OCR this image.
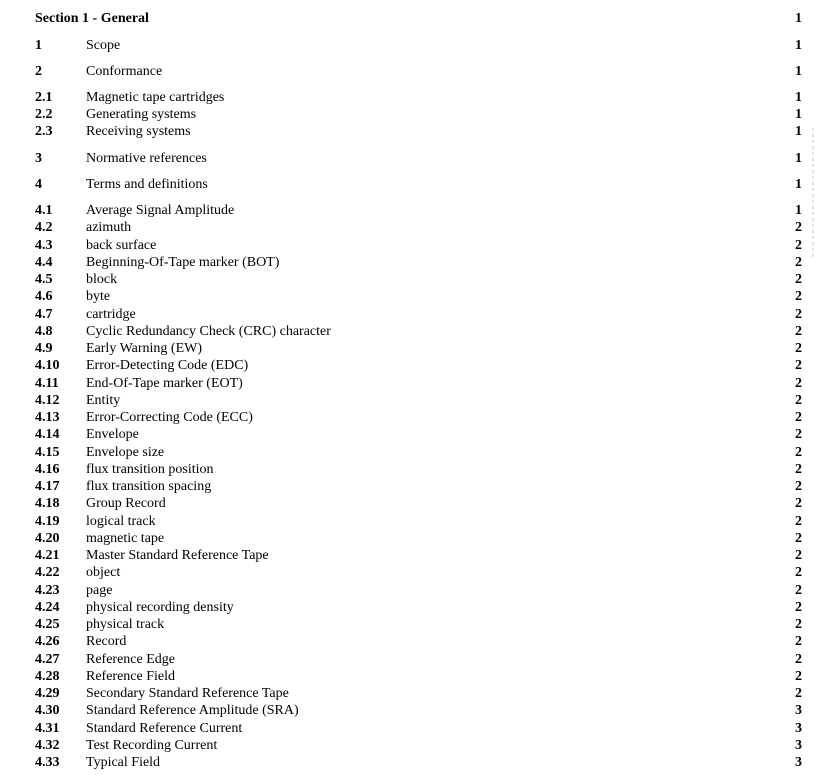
Section 1 - General	1
1	Scope	1
2	Conformance	1
2.1 Magnetic tape cartridges	1
2.2 Generating systems	1
2.3 Receiving systems	1
3	Normative references	1
4	Terms and definitions	1
4.1 Average Signal Amplitude	1
4.2 azimuth	2
4.3 back surface	2
4.4 Beginning-Of-Tape marker (BOT)	2
4.5 block	2
4.6 byte	2
4.7 cartridge	2
4.8 Cyclic Redundancy Check (CRC) character	2
4.9 Early Warning (EW)	2
4.10 Error-Detecting Code (EDC)	2
4.11 End-Of-Tape marker (EOT)	2
4.12 Entity	2
4.13 Error-Correcting Code (ECC)	2
4.14 Envelope	2
4.15 Envelope size	2
4.16 flux transition position	2
4.17 flux transition spacing	2
4.18 Group Record	2
4.19 logical track	2
4.20 magnetic tape	2
4.21 Master Standard Reference Tape	2
4.22 object	2
4.23 page	2
4.24 physical recording density	2
4.25 physical track	2
4.26 Record	2
4.27 Reference Edge	2
4.28 Reference Field	2
4.29 Secondary Standard Reference Tape	2
4.30 Standard Reference Amplitude (SRA)	3
4.31 Standard Reference Current	3
4.32 Test Recording Current	3
4.33 Typical Field	3
